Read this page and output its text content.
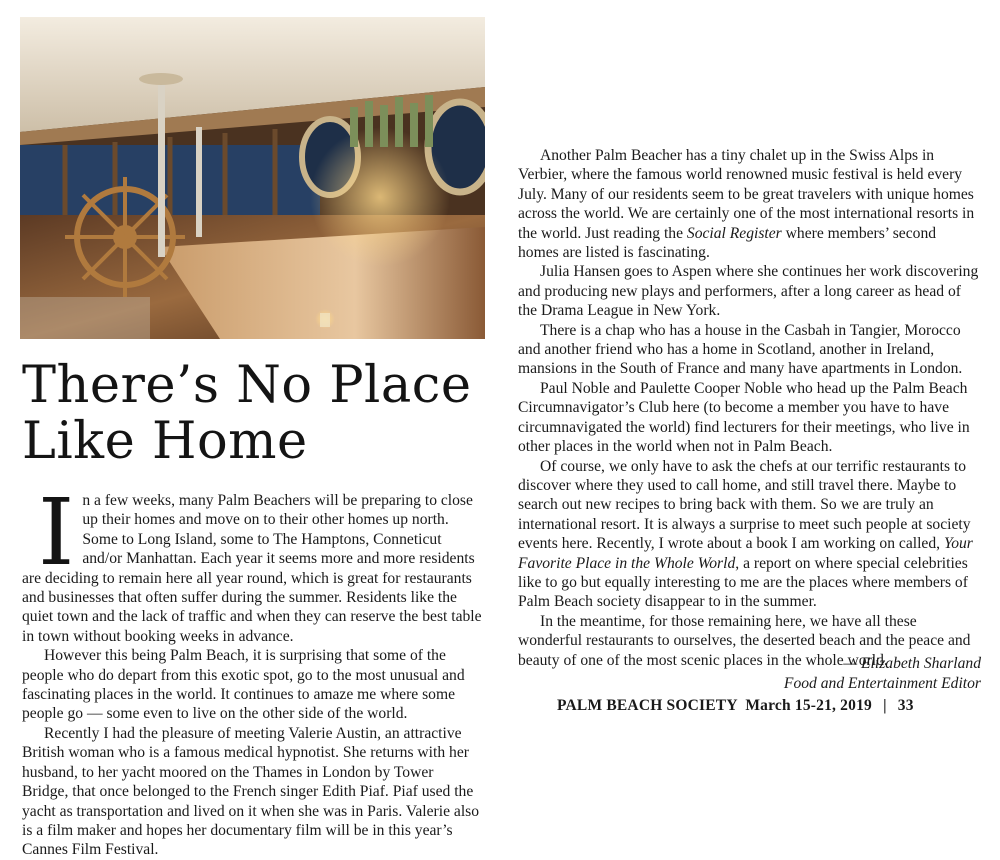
There’s No Place
Like Home

In a few weeks, many Palm Beachers will be preparing to close up their homes and move on to their other homes up north. Some to Long Island, some to The Hamptons, Conneticut and/or Manhattan. Each year it seems more and more residents are deciding to remain here all year round, which is great for restaurants and businesses that often suffer during the summer. Residents like the quiet town and the lack of traffic and when they can reserve the best table in town without booking weeks in advance.

However this being Palm Beach, it is surprising that some of the people who do depart from this exotic spot, go to the most unusual and fascinating places in the world. It continues to amaze me where some people go — some even to live on the other side of the world.

Recently I had the pleasure of meeting Valerie Austin, an attractive British woman who is a famous medical hypnotist. She returns with her husband, to her yacht moored on the Thames in London by Tower Bridge, that once belonged to the French singer Edith Piaf. Piaf used the yacht as transportation and lived on it when she was in Paris. Valerie also is a film maker and hopes her documentary film will be in this year’s Cannes Film Festival.

Another Palm Beacher has a tiny chalet up in the Swiss Alps in Verbier, where the famous world renowned music festival is held every July. Many of our residents seem to be great travelers with unique homes across the world. We are certainly one of the most international resorts in the world. Just reading the Social Register where members’ second homes are listed is fascinating.

Julia Hansen goes to Aspen where she continues her work discovering and producing new plays and performers, after a long career as head of the Drama League in New York.

There is a chap who has a house in the Casbah in Tangier, Morocco and another friend who has a home in Scotland, another in Ireland, mansions in the South of France and many have apartments in London.

Paul Noble and Paulette Cooper Noble who head up the Palm Beach Circumnavigator’s Club here (to become a member you have to have circumnavigated the world) find lecturers for their meetings, who live in other places in the world when not in Palm Beach.

Of course, we only have to ask the chefs at our terrific restaurants to discover where they used to call home, and still travel there. Maybe to search out new recipes to bring back with them. So we are truly an international resort. It is always a surprise to meet such people at society events here. Recently, I wrote about a book I am working on called, Your Favorite Place in the Whole World, a report on where special celebrities like to go but equally interesting to me are the places where members of Palm Beach society disappear to in the summer.

In the meantime, for those remaining here, we have all these wonderful restaurants to ourselves, the deserted beach and the peace and beauty of one of the most scenic places in the whole world.

— Elizabeth Sharland
Food and Entertainment Editor
PALM BEACH SOCIETY March 15-21, 2019 | 33
